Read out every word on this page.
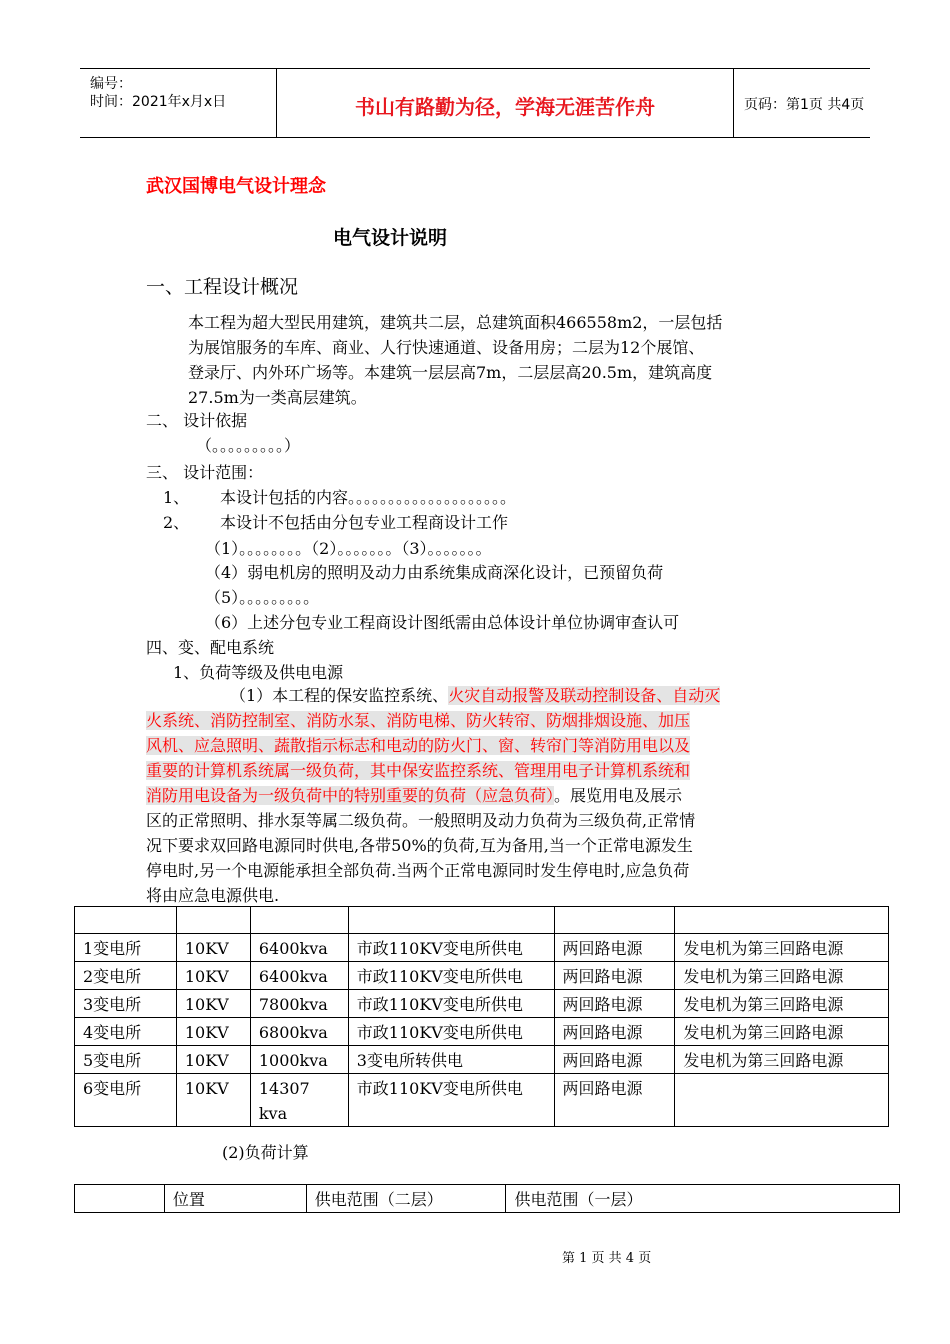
编号：
时间：2021年x月x日	书山有路勤为径，学海无涯苦作舟	页码：第1页 共4页
武汉国博电气设计理念
电气设计说明
一、工程设计概况
本工程为超大型民用建筑，建筑共二层，总建筑面积466558m2，一层包括
为展馆服务的车库、商业、人行快速通道、设备用房；二层为12个展馆、
登录厅、内外环广场等。本建筑一层层高7m，二层层高20.5m，建筑高度
27.5m为一类高层建筑。
二、 设计依据
（。。。。。。。。。）
三、 设计范围：
1、 本设计包括的内容。。。。。。。。。。。。。。。。。。。。
2、 本设计不包括由分包专业工程商设计工作
（1）。。。。。。。。（2）。。。。。。。（3）。。。。。。。
（4）弱电机房的照明及动力由系统集成商深化设计，已预留负荷
（5）。。。。。。。。。
（6）上述分包专业工程商设计图纸需由总体设计单位协调审查认可
四、变、配电系统
1、负荷等级及供电电源
（1）本工程的保安监控系统、火灾自动报警及联动控制设备、自动灭
火系统、消防控制室、消防水泵、消防电梯、防火转帘、防烟排烟设施、加压
风机、应急照明、蔬散指示标志和电动的防火门、窗、转帘门等消防用电以及
重要的计算机系统属一级负荷，其中保安监控系统、管理用电子计算机系统和
消防用电设备为一级负荷中的特别重要的负荷（应急负荷）。展览用电及展示
区的正常照明、排水泵等属二级负荷。一般照明及动力负荷为三级负荷,正常情
况下要求双回路电源同时供电,各带50%的负荷,互为备用,当一个正常电源发生
停电时,另一个电源能承担全部负荷.当两个正常电源同时发生停电时,应急负荷
将由应急电源供电.

1变电所	10KV	6400kva	市政110KV变电所供电	两回路电源	发电机为第三回路电源
2变电所	10KV	6400kva	市政110KV变电所供电	两回路电源	发电机为第三回路电源
3变电所	10KV	7800kva	市政110KV变电所供电	两回路电源	发电机为第三回路电源
4变电所	10KV	6800kva	市政110KV变电所供电	两回路电源	发电机为第三回路电源
5变电所	10KV	1000kva	3变电所转供电	两回路电源	发电机为第三回路电源
6变电所	10KV	14307
kva	市政110KV变电所供电	两回路电源	
(2)负荷计算
	位置	供电范围（二层）	供电范围（一层）
第 1 页 共 4 页
